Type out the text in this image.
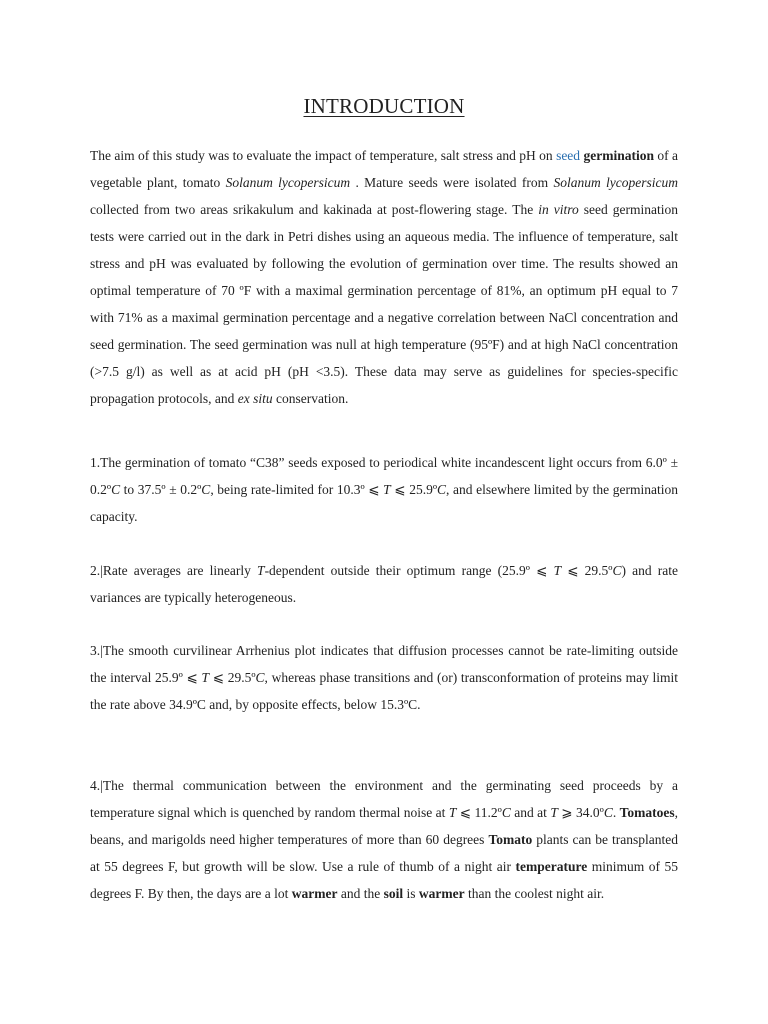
INTRODUCTION

The aim of this study was to evaluate the impact of temperature, salt stress and pH on seed germination of a vegetable plant, tomato Solanum lycopersicum . Mature seeds were isolated from Solanum lycopersicum collected from two areas srikakulum and kakinada at post-flowering stage. The in vitro seed germination tests were carried out in the dark in Petri dishes using an aqueous media. The influence of temperature, salt stress and pH was evaluated by following the evolution of germination over time. The results showed an optimal temperature of 70 ºF with a maximal germination percentage of 81%, an optimum pH equal to 7 with 71% as a maximal germination percentage and a negative correlation between NaCl concentration and seed germination. The seed germination was null at high temperature (95ºF) and at high NaCl concentration (>7.5 g/l) as well as at acid pH (pH <3.5). These data may serve as guidelines for species-specific propagation protocols, and ex situ conservation.

1.The germination of tomato “C38” seeds exposed to periodical white incandescent light occurs from 6.0º ± 0.2ºC to 37.5º ± 0.2ºC, being rate-limited for 10.3º ⩽ T ⩽ 25.9ºC, and elsewhere limited by the germination capacity.

2.|Rate averages are linearly T-dependent outside their optimum range (25.9º ⩽ T ⩽ 29.5ºC) and rate variances are typically heterogeneous.

3.|The smooth curvilinear Arrhenius plot indicates that diffusion processes cannot be rate-limiting outside the interval 25.9º ⩽ T ⩽ 29.5ºC, whereas phase transitions and (or) transconformation of proteins may limit the rate above 34.9ºC and, by opposite effects, below 15.3ºC.

4.|The thermal communication between the environment and the germinating seed proceeds by a temperature signal which is quenched by random thermal noise at T ⩽ 11.2ºC and at T ⩾ 34.0ºC. Tomatoes, beans, and marigolds need higher temperatures of more than 60 degrees Tomato plants can be transplanted at 55 degrees F, but growth will be slow. Use a rule of thumb of a night air temperature minimum of 55 degrees F. By then, the days are a lot warmer and the soil is warmer than the coolest night air.
